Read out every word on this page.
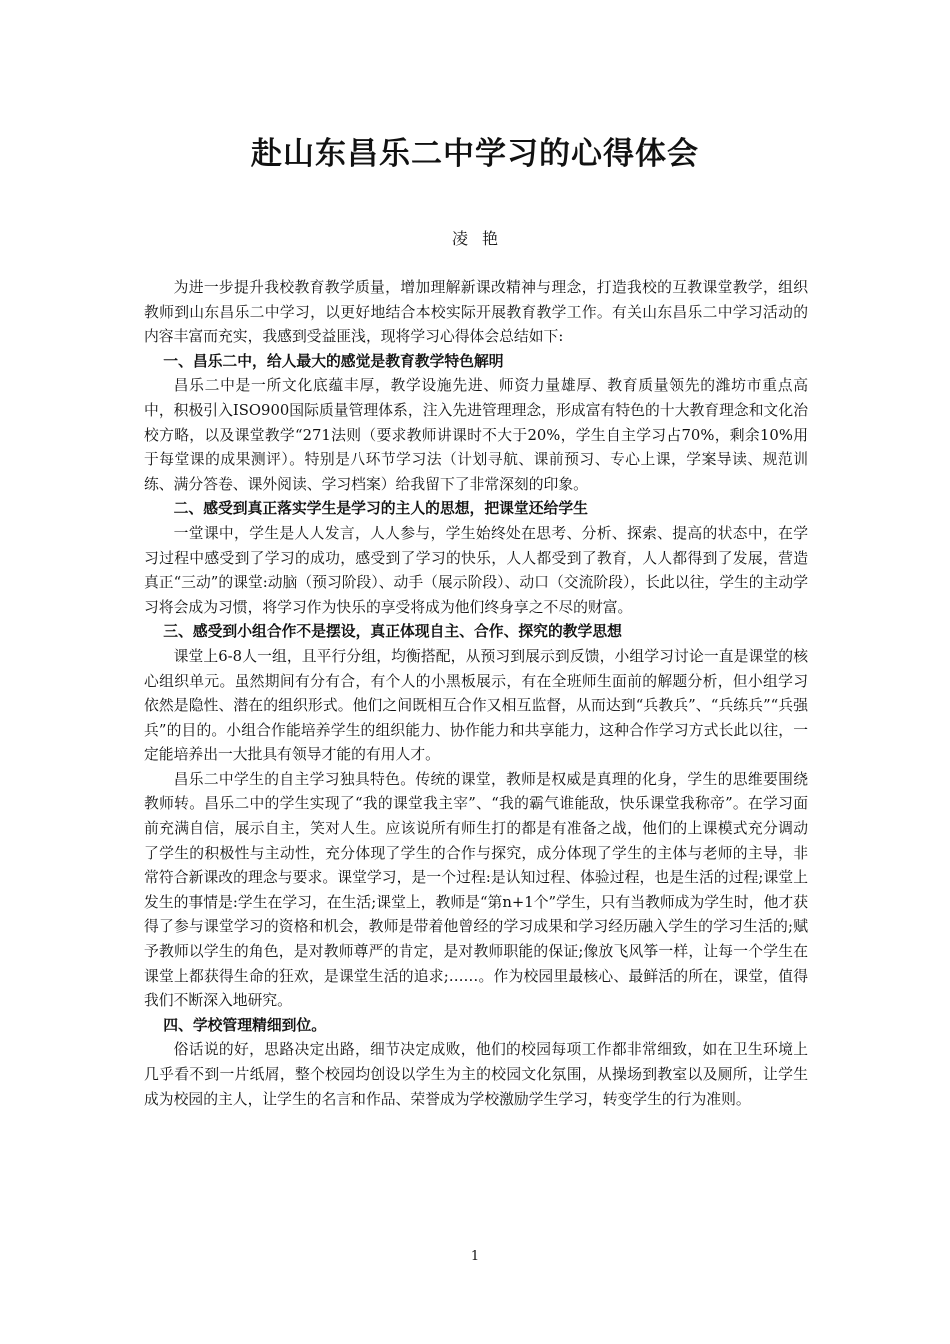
赴山东昌乐二中学习的心得体会
凌艳

为进一步提升我校教育教学质量，增加理解新课改精神与理念，打造我校的互教课堂教学，组织教师到山东昌乐二中学习，以更好地结合本校实际开展教育教学工作。有关山东昌乐二中学习活动的内容丰富而充实，我感到受益匪浅，现将学习心得体会总结如下:

一、昌乐二中，给人最大的感觉是教育教学特色解明

昌乐二中是一所文化底蕴丰厚，教学设施先进、师资力量雄厚、教育质量领先的潍坊市重点高中，积极引入ISO900国际质量管理体系，注入先进管理理念，形成富有特色的十大教育理念和文化治校方略，以及课堂教学“271法则（要求教师讲课时不大于20%，学生自主学习占70%，剩余10%用于每堂课的成果测评）。特别是八环节学习法（计划寻航、课前预习、专心上课，学案导读、规范训练、满分答卷、课外阅读、学习档案）给我留下了非常深刻的印象。

二、感受到真正落实学生是学习的主人的思想，把课堂还给学生

一堂课中，学生是人人发言，人人参与，学生始终处在思考、分析、探索、提高的状态中，在学习过程中感受到了学习的成功，感受到了学习的快乐，人人都受到了教育，人人都得到了发展，营造真正“三动”的课堂:动脑（预习阶段）、动手（展示阶段）、动口（交流阶段），长此以往，学生的主动学习将会成为习惯，将学习作为快乐的享受将成为他们终身享之不尽的财富。

三、感受到小组合作不是摆设，真正体现自主、合作、探究的教学思想

课堂上6-8人一组，且平行分组，均衡搭配，从预习到展示到反馈，小组学习讨论一直是课堂的核心组织单元。虽然期间有分有合，有个人的小黑板展示，有在全班师生面前的解题分析，但小组学习依然是隐性、潜在的组织形式。他们之间既相互合作又相互监督，从而达到“兵教兵”、“兵练兵”“兵强兵”的目的。小组合作能培养学生的组织能力、协作能力和共享能力，这种合作学习方式长此以往，一定能培养出一大批具有领导才能的有用人才。

昌乐二中学生的自主学习独具特色。传统的课堂，教师是权威是真理的化身，学生的思维要围绕教师转。昌乐二中的学生实现了“我的课堂我主宰”、“我的霸气谁能敌，快乐课堂我称帝”。在学习面前充满自信，展示自主，笑对人生。应该说所有师生打的都是有准备之战，他们的上课模式充分调动了学生的积极性与主动性，充分体现了学生的合作与探究，成分体现了学生的主体与老师的主导，非常符合新课改的理念与要求。课堂学习，是一个过程:是认知过程、体验过程，也是生活的过程;课堂上发生的事情是:学生在学习，在生活;课堂上，教师是“第n+1个”学生，只有当教师成为学生时，他才获得了参与课堂学习的资格和机会，教师是带着他曾经的学习成果和学习经历融入学生的学习生活的;赋予教师以学生的角色，是对教师尊严的肯定，是对教师职能的保证;像放飞风筝一样，让每一个学生在课堂上都获得生命的狂欢，是课堂生活的追求;……。作为校园里最核心、最鲜活的所在，课堂，值得我们不断深入地研究。

四、学校管理精细到位。

俗话说的好，思路决定出路，细节决定成败，他们的校园每项工作都非常细致，如在卫生环境上几乎看不到一片纸屑，整个校园均创设以学生为主的校园文化氛围，从操场到教室以及厕所，让学生成为校园的主人，让学生的名言和作品、荣誉成为学校激励学生学习，转变学生的行为准则。

1
